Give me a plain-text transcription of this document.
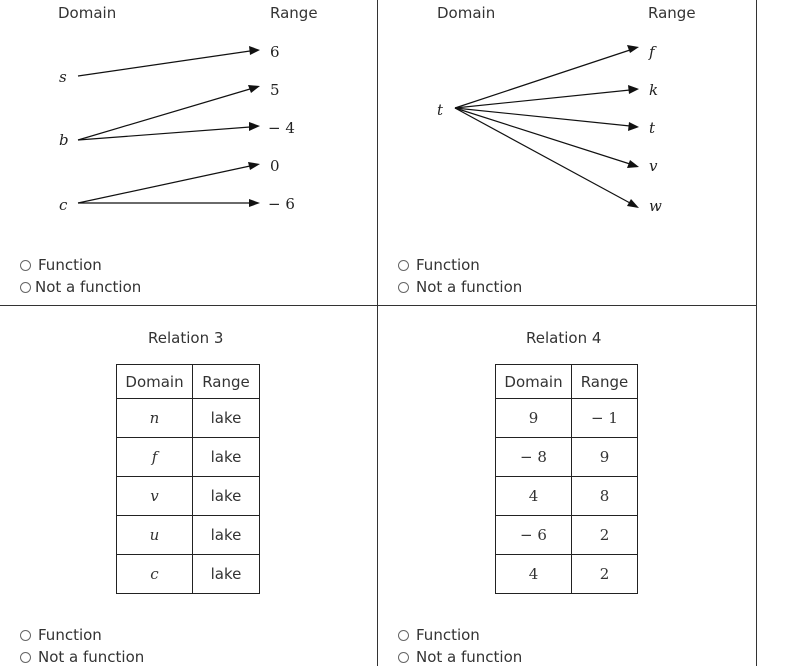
Domain	Range
s
b
c
6
5
− 4
0
− 6
Function
Not a function
Domain	Range
t
f
k
t
v
w
Function
Not a function
Relation 3
Domain	Range
n	lake
f	lake
v	lake
u	lake
c	lake
Function
Not a function
Relation 4
Domain	Range
9	− 1
− 8	9
4	8
− 6	2
4	2
Function
Not a function
